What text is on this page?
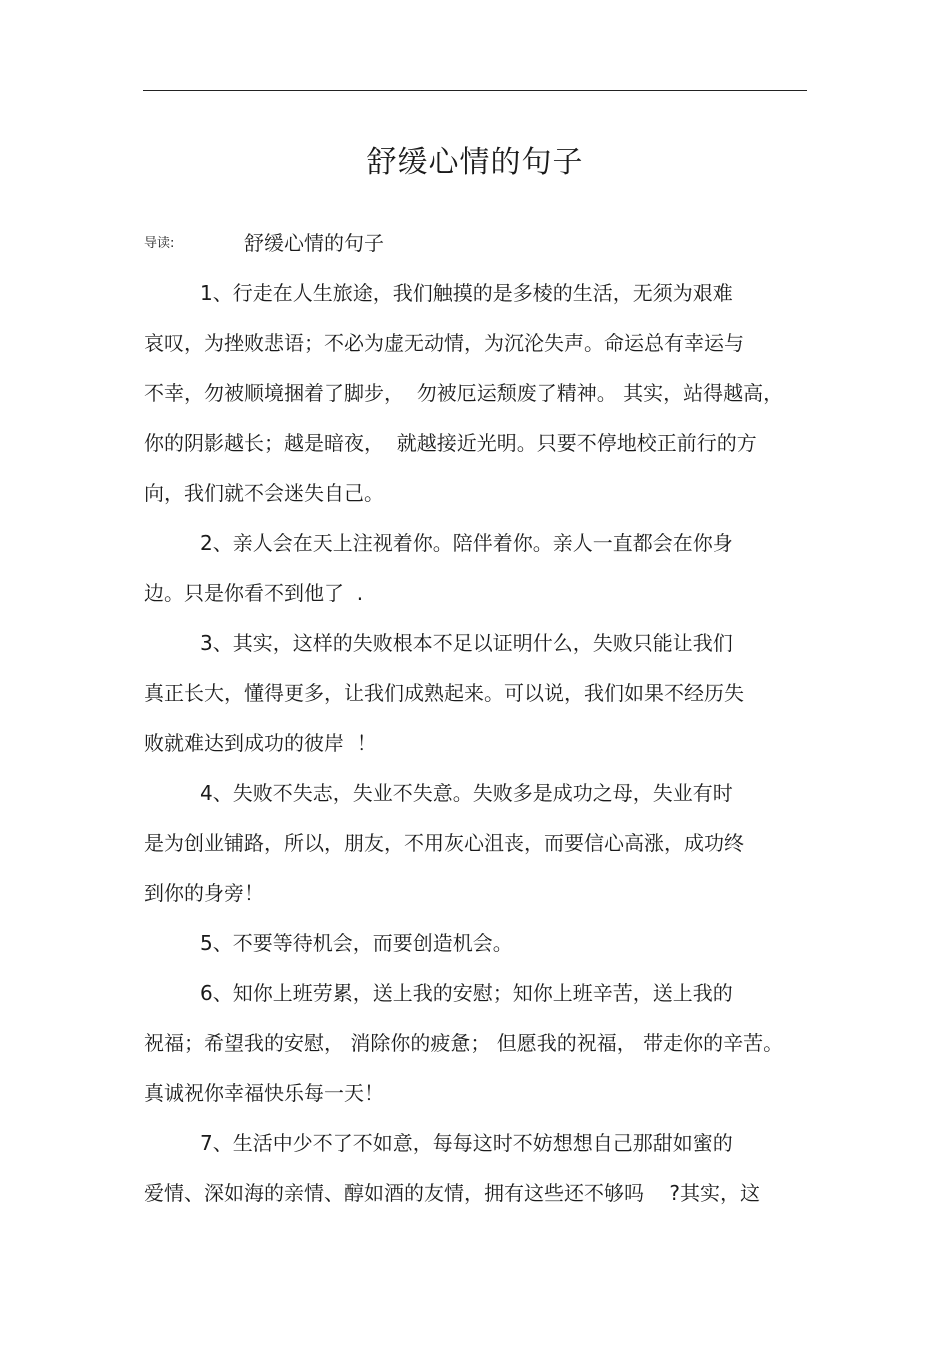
舒缓心情的句子
导读:	舒缓心情的句子
1、行走在人生旅途，我们触摸的是多棱的生活，无须为艰难
哀叹，为挫败悲语；不必为虚无动情，为沉沦失声。命运总有幸运与
不幸，勿被顺境捆着了脚步，  勿被厄运颓废了精神。 其实，站得越高，
你的阴影越长；越是暗夜，  就越接近光明。只要不停地校正前行的方
向，我们就不会迷失自己。
2、亲人会在天上注视着你。陪伴着你。亲人一直都会在你身
边。只是你看不到他了  .
3、其实，这样的失败根本不足以证明什么，失败只能让我们
真正长大，懂得更多，让我们成熟起来。可以说，我们如果不经历失
败就难达到成功的彼岸  ！
4、失败不失志，失业不失意。失败多是成功之母，失业有时
是为创业铺路，所以，朋友，不用灰心沮丧，而要信心高涨，成功终
到你的身旁！
5、不要等待机会，而要创造机会。
6、知你上班劳累，送上我的安慰；知你上班辛苦，送上我的
祝福；希望我的安慰， 消除你的疲惫； 但愿我的祝福， 带走你的辛苦。
真诚祝你幸福快乐每一天！
7、生活中少不了不如意，每每这时不妨想想自己那甜如蜜的
爱情、深如海的亲情、醇如酒的友情，拥有这些还不够吗    ?其实，这
